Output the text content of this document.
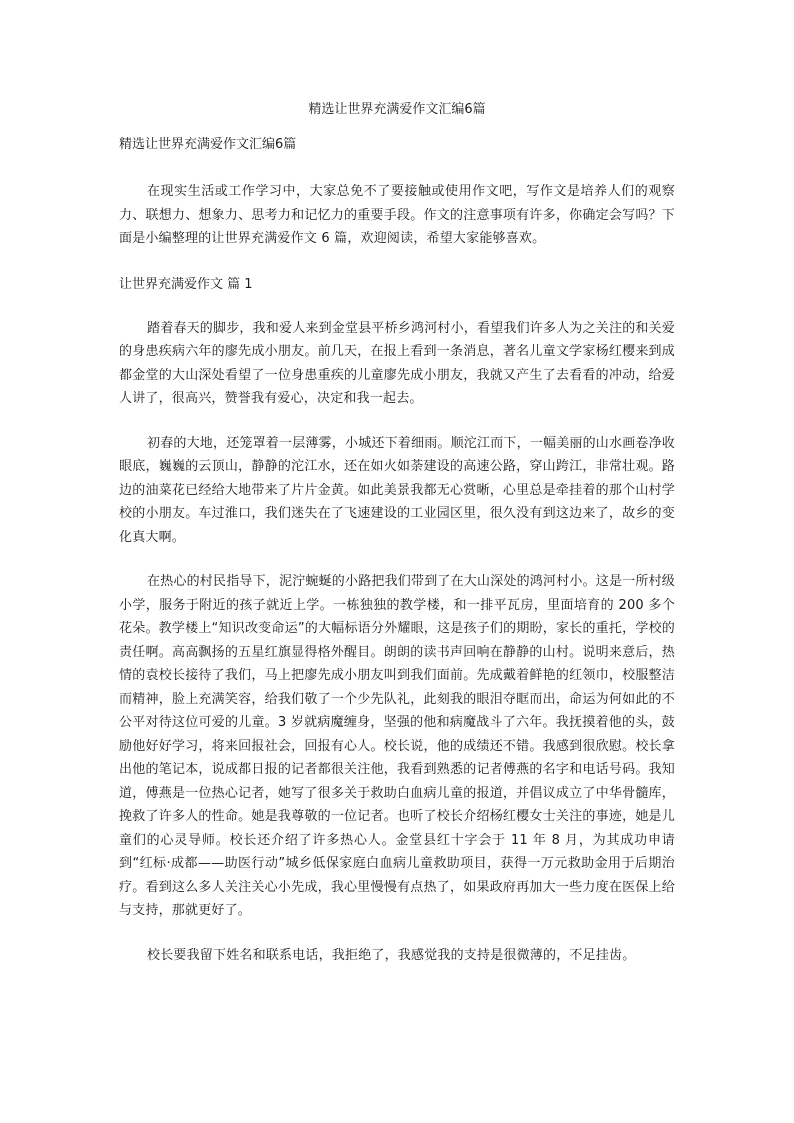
精选让世界充满爱作文汇编6篇

精选让世界充满爱作文汇编6篇

在现实生活或工作学习中，大家总免不了要接触或使用作文吧，写作文是培养人们的观察力、联想力、想象力、思考力和记忆力的重要手段。作文的注意事项有许多，你确定会写吗？下面是小编整理的让世界充满爱作文 6 篇，欢迎阅读，希望大家能够喜欢。

让世界充满爱作文 篇 1

踏着春天的脚步，我和爱人来到金堂县平桥乡鸿河村小，看望我们许多人为之关注的和关爱的身患疾病六年的廖先成小朋友。前几天，在报上看到一条消息，著名儿童文学家杨红樱来到成都金堂的大山深处看望了一位身患重疾的儿童廖先成小朋友，我就又产生了去看看的冲动，给爱人讲了，很高兴，赞誉我有爱心，决定和我一起去。

初春的大地，还笼罩着一层薄雾，小城还下着细雨。顺沱江而下，一幅美丽的山水画卷净收眼底，巍巍的云顶山，静静的沱江水，还在如火如荼建设的高速公路，穿山跨江，非常壮观。路边的油菜花已经给大地带来了片片金黄。如此美景我都无心赏晰，心里总是牵挂着的那个山村学校的小朋友。车过淮口，我们迷失在了飞速建设的工业园区里，很久没有到这边来了，故乡的变化真大啊。

在热心的村民指导下，泥泞蜿蜒的小路把我们带到了在大山深处的鸿河村小。这是一所村级小学，服务于附近的孩子就近上学。一栋独独的教学楼，和一排平瓦房，里面培育的 200 多个花朵。教学楼上“知识改变命运”的大幅标语分外耀眼，这是孩子们的期盼，家长的重托，学校的责任啊。高高飘扬的五星红旗显得格外醒目。朗朗的读书声回响在静静的山村。说明来意后，热情的袁校长接待了我们，马上把廖先成小朋友叫到我们面前。先成戴着鲜艳的红领巾，校服整洁而精神，脸上充满笑容，给我们敬了一个少先队礼，此刻我的眼泪夺眶而出，命运为何如此的不公平对待这位可爱的儿童。3 岁就病魔缠身，坚强的他和病魔战斗了六年。我抚摸着他的头，鼓励他好好学习，将来回报社会，回报有心人。校长说，他的成绩还不错。我感到很欣慰。校长拿出他的笔记本，说成都日报的记者都很关注他，我看到熟悉的记者傅燕的名字和电话号码。我知道，傅燕是一位热心记者，她写了很多关于救助白血病儿童的报道，并倡议成立了中华骨髓库，挽救了许多人的性命。她是我尊敬的一位记者。也听了校长介绍杨红樱女士关注的事迹，她是儿童们的心灵导师。校长还介绍了许多热心人。金堂县红十字会于 11 年 8 月，为其成功申请到“红标·成都——助医行动”城乡低保家庭白血病儿童救助项目，获得一万元救助金用于后期治疗。看到这么多人关注关心小先成，我心里慢慢有点热了，如果政府再加大一些力度在医保上给与支持，那就更好了。

校长要我留下姓名和联系电话，我拒绝了，我感觉我的支持是很微薄的，不足挂齿。
